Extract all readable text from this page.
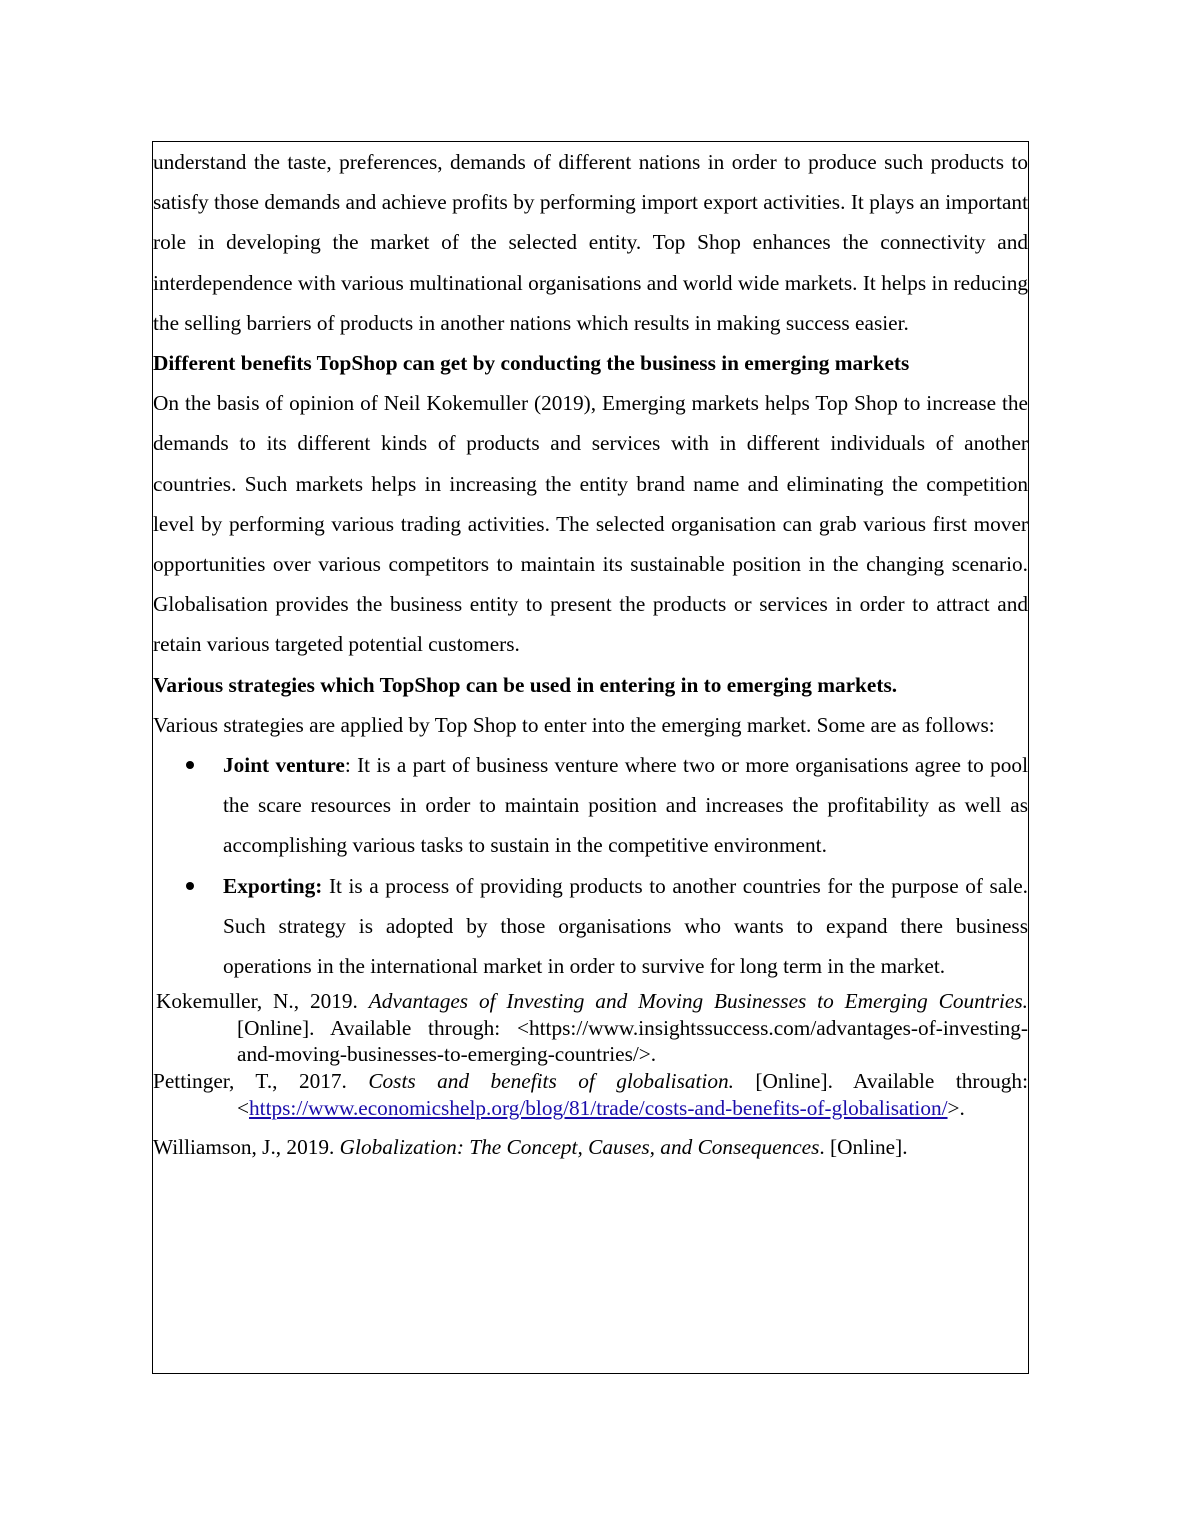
understand the taste, preferences, demands of different nations in order to produce such products to satisfy those demands and achieve profits by performing import export activities. It plays an important role in developing the market of the selected entity. Top Shop enhances the connectivity and interdependence with various multinational organisations and world wide markets. It helps in reducing the selling barriers of products in another nations which results in making success easier.

Different benefits TopShop can get by conducting the business in emerging markets

On the basis of opinion of Neil Kokemuller (2019), Emerging markets helps Top Shop to increase the demands to its different kinds of products and services with in different individuals of another countries. Such markets helps in increasing the entity brand name and eliminating the competition level by performing various trading activities. The selected organisation can grab various first mover opportunities over various competitors to maintain its sustainable position in the changing scenario. Globalisation provides the business entity to present the products or services in order to attract and retain various targeted potential customers.

Various strategies which TopShop can be used in entering in to emerging markets.

Various strategies are applied by Top Shop to enter into the emerging market. Some are as follows:

Joint venture: It is a part of business venture where two or more organisations agree to pool the scare resources in order to maintain position and increases the profitability as well as accomplishing various tasks to sustain in the competitive environment.
Exporting: It is a process of providing products to another countries for the purpose of sale. Such strategy is adopted by those organisations who wants to expand there business operations in the international market in order to survive for long term in the market.

Kokemuller, N., 2019. Advantages of Investing and Moving Businesses to Emerging Countries. [Online]. Available through: <https://www.insightssuccess.com/advantages-of-investing-and-moving-businesses-to-emerging-countries/>.

Pettinger, T., 2017. Costs and benefits of globalisation. [Online]. Available through: <https://www.economicshelp.org/blog/81/trade/costs-and-benefits-of-globalisation/>.

Williamson, J., 2019. Globalization: The Concept, Causes, and Consequences. [Online].
